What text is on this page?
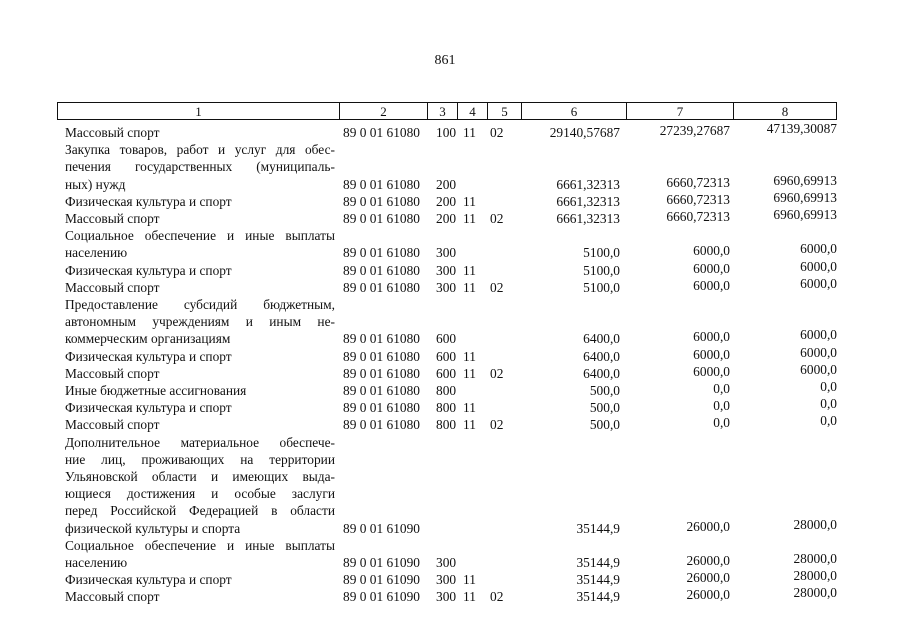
861
1	2	3	4	5	6	7	8
Массовый спорт	89 0 01 61080 100 11 02	29140,57687	27239,27687	47139,30087
Закупка товаров, работ и услуг для обес-
печения государственных (муниципаль-
ных) нужд	89 0 01 61080 200	6661,32313	6660,72313	6960,69913
Физическая культура и спорт	89 0 01 61080 200 11	6661,32313	6660,72313	6960,69913
Массовый спорт	89 0 01 61080 200 11 02	6661,32313	6660,72313	6960,69913
Социальное обеспечение и иные выплаты
населению	89 0 01 61080 300	5100,0	6000,0	6000,0
Физическая культура и спорт	89 0 01 61080 300 11	5100,0	6000,0	6000,0
Массовый спорт	89 0 01 61080 300 11 02	5100,0	6000,0	6000,0
Предоставление субсидий бюджетным,
автономным учреждениям и иным не-
коммерческим организациям	89 0 01 61080 600	6400,0	6000,0	6000,0
Физическая культура и спорт	89 0 01 61080 600 11	6400,0	6000,0	6000,0
Массовый спорт	89 0 01 61080 600 11 02	6400,0	6000,0	6000,0
Иные бюджетные ассигнования	89 0 01 61080 800	500,0	0,0	0,0
Физическая культура и спорт	89 0 01 61080 800 11	500,0	0,0	0,0
Массовый спорт	89 0 01 61080 800 11 02	500,0	0,0	0,0
Дополнительное материальное обеспече-
ние лиц, проживающих на территории
Ульяновской области и имеющих выда-
ющиеся достижения и особые заслуги
перед Российской Федерацией в области
физической культуры и спорта	89 0 01 61090	35144,9	26000,0	28000,0
Социальное обеспечение и иные выплаты
населению	89 0 01 61090 300	35144,9	26000,0	28000,0
Физическая культура и спорт	89 0 01 61090 300 11	35144,9	26000,0	28000,0
Массовый спорт	89 0 01 61090 300 11 02	35144,9	26000,0	28000,0
